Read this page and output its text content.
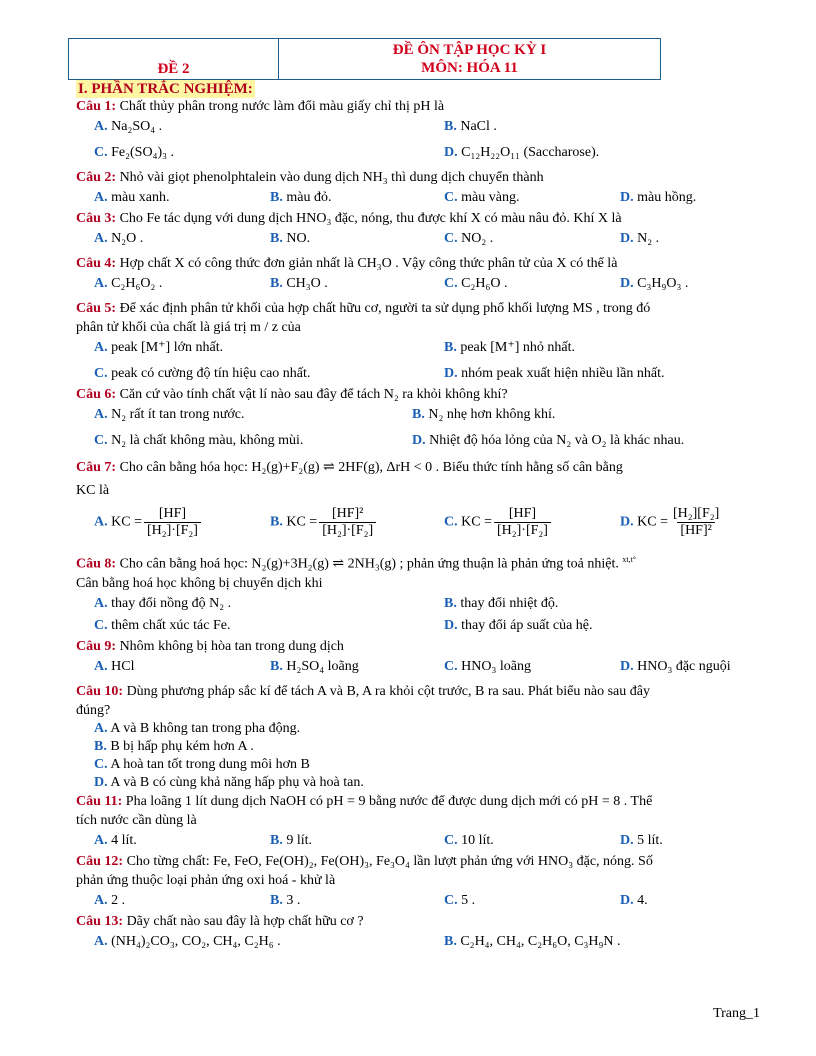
ĐỀ 2
ĐỀ ÔN TẬP HỌC KỲ I
MÔN: HÓA 11
I. PHẦN TRẮC NGHIỆM:

Câu 1: Chất thủy phân trong nước làm đổi màu giấy chỉ thị pH là

A. Na₂SO₄ .	B. NaCl .
C. Fe₂(SO₄)₃ .	D. C₁₂H₂₂O₁₁ (Saccharose).

Câu 2: Nhỏ vài giọt phenolphtalein vào dung dịch NH₃ thì dung dịch chuyển thành

A. màu xanh.	B. màu đỏ.	C. màu vàng.	D. màu hồng.

Câu 3: Cho Fe tác dụng với dung dịch HNO₃ đặc, nóng, thu được khí X có màu nâu đỏ. Khí X là

A. N₂O .	B. NO.	C. NO₂ .	D. N₂ .

Câu 4: Hợp chất X có công thức đơn giản nhất là CH₃O . Vậy công thức phân tử của X có thể là

A. C₂H₆O₂ .	B. CH₃O .	C. C₂H₆O .	D. C₃H₉O₃ .

Câu 5: Để xác định phân tử khối của hợp chất hữu cơ, người ta sử dụng phổ khối lượng MS , trong đó

phân tử khối của chất là giá trị m / z của

A. peak [M⁺] lớn nhất.	B. peak [M⁺] nhỏ nhất.
C. peak có cường độ tín hiệu cao nhất.	D. nhóm peak xuất hiện nhiều lần nhất.

Câu 6: Căn cứ vào tính chất vật lí nào sau đây để tách N₂ ra khỏi không khí?

A. N₂ rất ít tan trong nước.	B. N₂ nhẹ hơn không khí.
C. N₂ là chất không màu, không mùi.	D. Nhiệt độ hóa lỏng của N₂ và O₂ là khác nhau.

Câu 7: Cho cân bằng hóa học: H₂(g)+F₂(g) ⇌ 2HF(g), ΔrH < 0 . Biểu thức tính hằng số cân bằng

KC là

A. KC = $\frac{[HF]}{\text{[H₂]·[F₂]}}$	B. KC = $\frac{\text{[HF]²}}{\text{[H₂]·[F₂]}}$	C. KC = $\frac{[HF]}{\text{[H₂]·[F₂]}}$	D. KC = $\frac{\text{[H₂][F₂]}}{\text{[HF]²}}$

Câu 8: Cho cân bằng hoá học: N₂(g)+3H₂(g) ⇌ 2NH₃(g) ; phản ứng thuận là phản ứng toả nhiệt. $^{xt,t^\circ}$

Cân bằng hoá học không bị chuyển dịch khi

A. thay đổi nồng độ N₂ .	B. thay đổi nhiệt độ.
C. thêm chất xúc tác Fe.	D. thay đổi áp suất của hệ.

Câu 9: Nhôm không bị hòa tan trong dung dịch

A. HCl	B. H₂SO₄ loãng	C. HNO₃ loãng	D. HNO₃ đặc nguội

Câu 10: Dùng phương pháp sắc kí để tách A và B, A ra khỏi cột trước, B ra sau. Phát biểu nào sau đây

đúng?

A. A và B không tan trong pha động.

B. B bị hấp phụ kém hơn A .

C. A hoà tan tốt trong dung môi hơn B

D. A và B có cùng khả năng hấp phụ và hoà tan.

Câu 11: Pha loãng 1 lít dung dịch NaOH có pH = 9 bằng nước để được dung dịch mới có pH = 8 . Thể

tích nước cần dùng là

A. 4 lít.	B. 9 lít.	C. 10 lít.	D. 5 lít.

Câu 12: Cho từng chất: Fe, FeO, Fe(OH)₂, Fe(OH)₃, Fe₃O₄ lần lượt phản ứng với HNO₃ đặc, nóng. Số

phản ứng thuộc loại phản ứng oxi hoá - khử là

A. 2 .	B. 3 .	C. 5 .	D. 4.

Câu 13: Dãy chất nào sau đây là hợp chất hữu cơ ?

A. (NH₄)₂CO₃, CO₂, CH₄, C₂H₆ .	B. C₂H₄, CH₄, C₂H₆O, C₃H₉N .
Trang_1
